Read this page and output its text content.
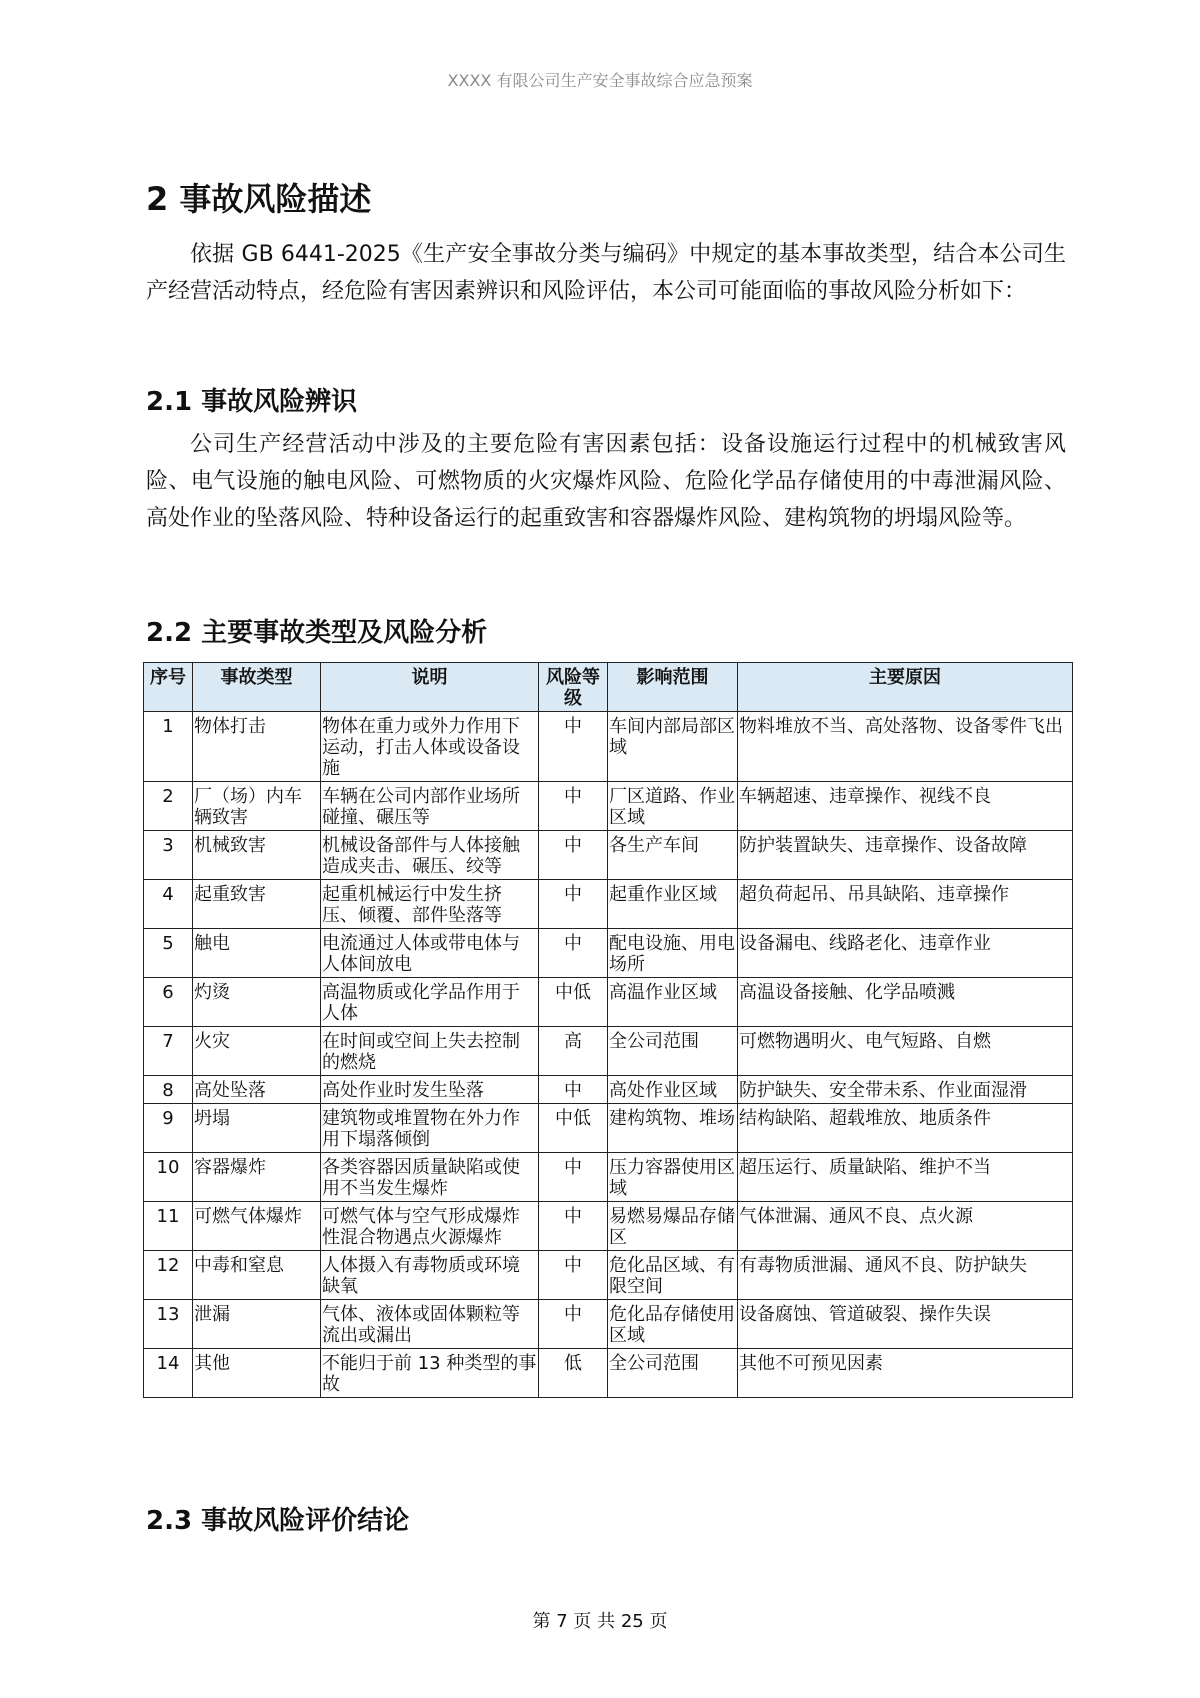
XXXX 有限公司生产安全事故综合应急预案
2 事故风险描述

依据 GB 6441-2025《生产安全事故分类与编码》中规定的基本事故类型，结合本公司生产经营活动特点，经危险有害因素辨识和风险评估，本公司可能面临的事故风险分析如下：

2.1 事故风险辨识

公司生产经营活动中涉及的主要危险有害因素包括：设备设施运行过程中的机械致害风险、电气设施的触电风险、可燃物质的火灾爆炸风险、危险化学品存储使用的中毒泄漏风险、高处作业的坠落风险、特种设备运行的起重致害和容器爆炸风险、建构筑物的坍塌风险等。

2.2 主要事故类型及风险分析
序号	事故类型	说明	风险等级	影响范围	主要原因
1	物体打击	物体在重力或外力作用下运动，打击人体或设备设施	中	车间内部局部区域	物料堆放不当、高处落物、设备零件飞出
2	厂（场）内车辆致害	车辆在公司内部作业场所碰撞、碾压等	中	厂区道路、作业区域	车辆超速、违章操作、视线不良
3	机械致害	机械设备部件与人体接触造成夹击、碾压、绞等	中	各生产车间	防护装置缺失、违章操作、设备故障
4	起重致害	起重机械运行中发生挤压、倾覆、部件坠落等	中	起重作业区域	超负荷起吊、吊具缺陷、违章操作
5	触电	电流通过人体或带电体与人体间放电	中	配电设施、用电场所	设备漏电、线路老化、违章作业
6	灼烫	高温物质或化学品作用于人体	中低	高温作业区域	高温设备接触、化学品喷溅
7	火灾	在时间或空间上失去控制的燃烧	高	全公司范围	可燃物遇明火、电气短路、自燃
8	高处坠落	高处作业时发生坠落	中	高处作业区域	防护缺失、安全带未系、作业面湿滑
9	坍塌	建筑物或堆置物在外力作用下塌落倾倒	中低	建构筑物、堆场	结构缺陷、超载堆放、地质条件
10	容器爆炸	各类容器因质量缺陷或使用不当发生爆炸	中	压力容器使用区域	超压运行、质量缺陷、维护不当
11	可燃气体爆炸	可燃气体与空气形成爆炸性混合物遇点火源爆炸	中	易燃易爆品存储区	气体泄漏、通风不良、点火源
12	中毒和窒息	人体摄入有毒物质或环境缺氧	中	危化品区域、有限空间	有毒物质泄漏、通风不良、防护缺失
13	泄漏	气体、液体或固体颗粒等流出或漏出	中	危化品存储使用区域	设备腐蚀、管道破裂、操作失误
14	其他	不能归于前 13 种类型的事故	低	全公司范围	其他不可预见因素
2.3 事故风险评价结论
第 7 页 共 25 页
